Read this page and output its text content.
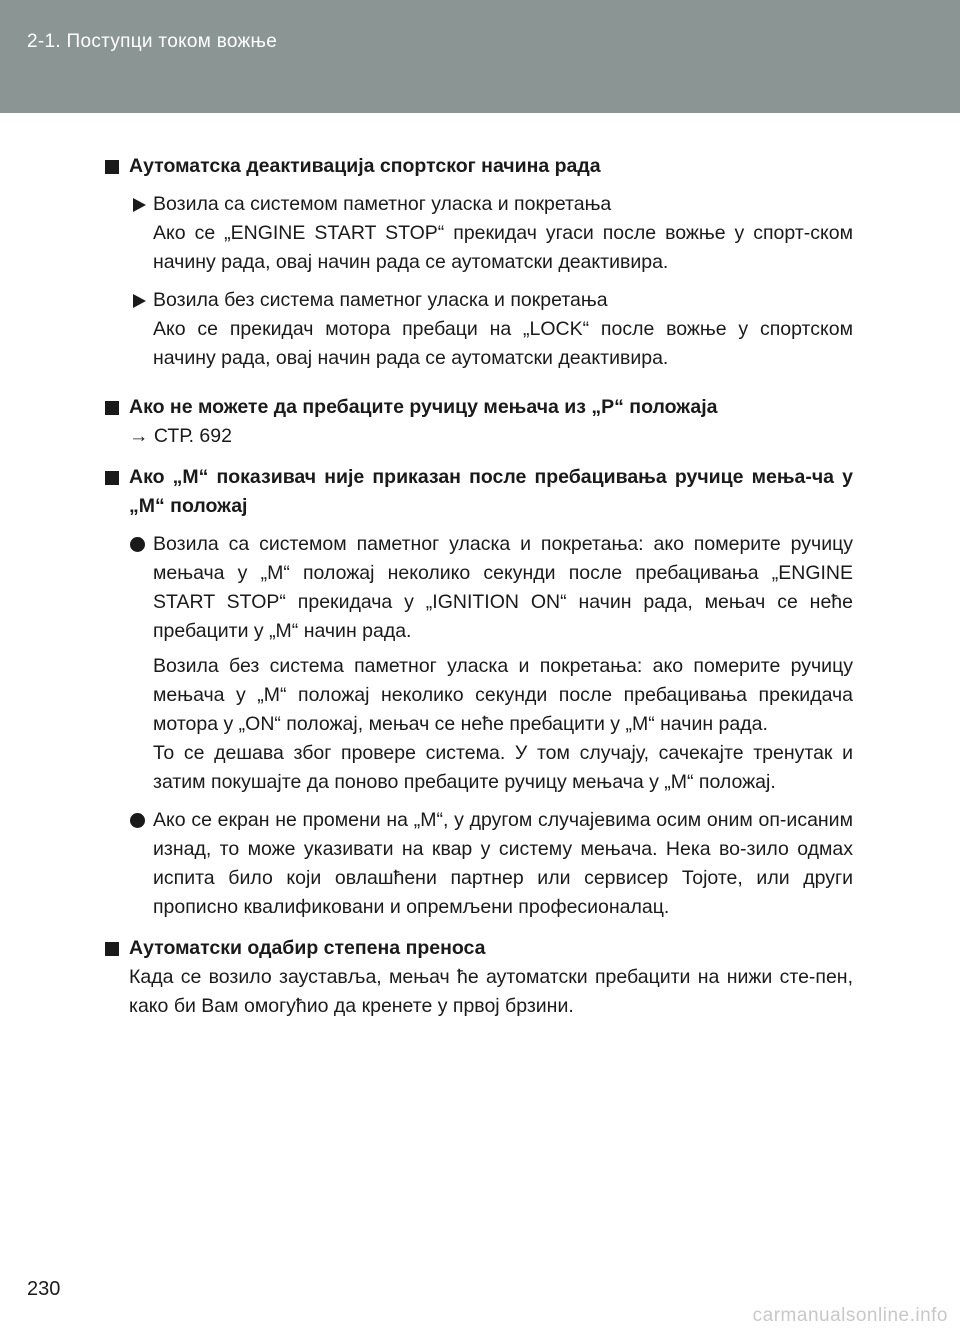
2-1. Поступци током вожње
Аутоматска деактивација спортског начина рада
Возила са системом паметног уласка и покретања
Ако се „ENGINE START STOP“ прекидач угаси после вожње у спорт-ском начину рада, овај начин рада се аутоматски деактивира.
Возила без система паметног уласка и покретања
Ако се прекидач мотора пребаци на „LOCK“ после вожње у спортском начину рада, овај начин рада се аутоматски деактивира.
Ако не можете да пребаците ручицу мењача из „P“ положаја
→ СТР. 692
Ако „M“ показивач није приказан после пребацивања ручице мења-ча у „M“ положај
Возила са системом паметног уласка и покретања: ако померите ручицу мењача у „M“ положај неколико секунди после пребацивања „ENGINE START STOP“ прекидача у „IGNITION ON“ начин рада, мењач се неће пребацити у „M“ начин рада.
Возила без система паметног уласка и покретања: ако померите ручицу мењача у „M“ положај неколико секунди после пребацивања прекидача мотора у „ON“ положај, мењач се неће пребацити у „M“ начин рада.
То се дешава због провере система. У том случају, сачекајте тренутак и затим покушајте да поново пребаците ручицу мењача у „M“ положај.
Ако се екран не промени на „M“, у другом случајевима осим оним оп-исаним изнад, то може указивати на квар у систему мењача. Нека во-зило одмах испита било који овлашћени партнер или сервисер Тојоте, или други прописно квалификовани и опремљени професионалац.
Аутоматски одабир степена преноса
Када се возило зауставља, мењач ће аутоматски пребацити на нижи сте-пен, како би Вам омогућио да кренете у првој брзини.
230
carmanualsonline.info
